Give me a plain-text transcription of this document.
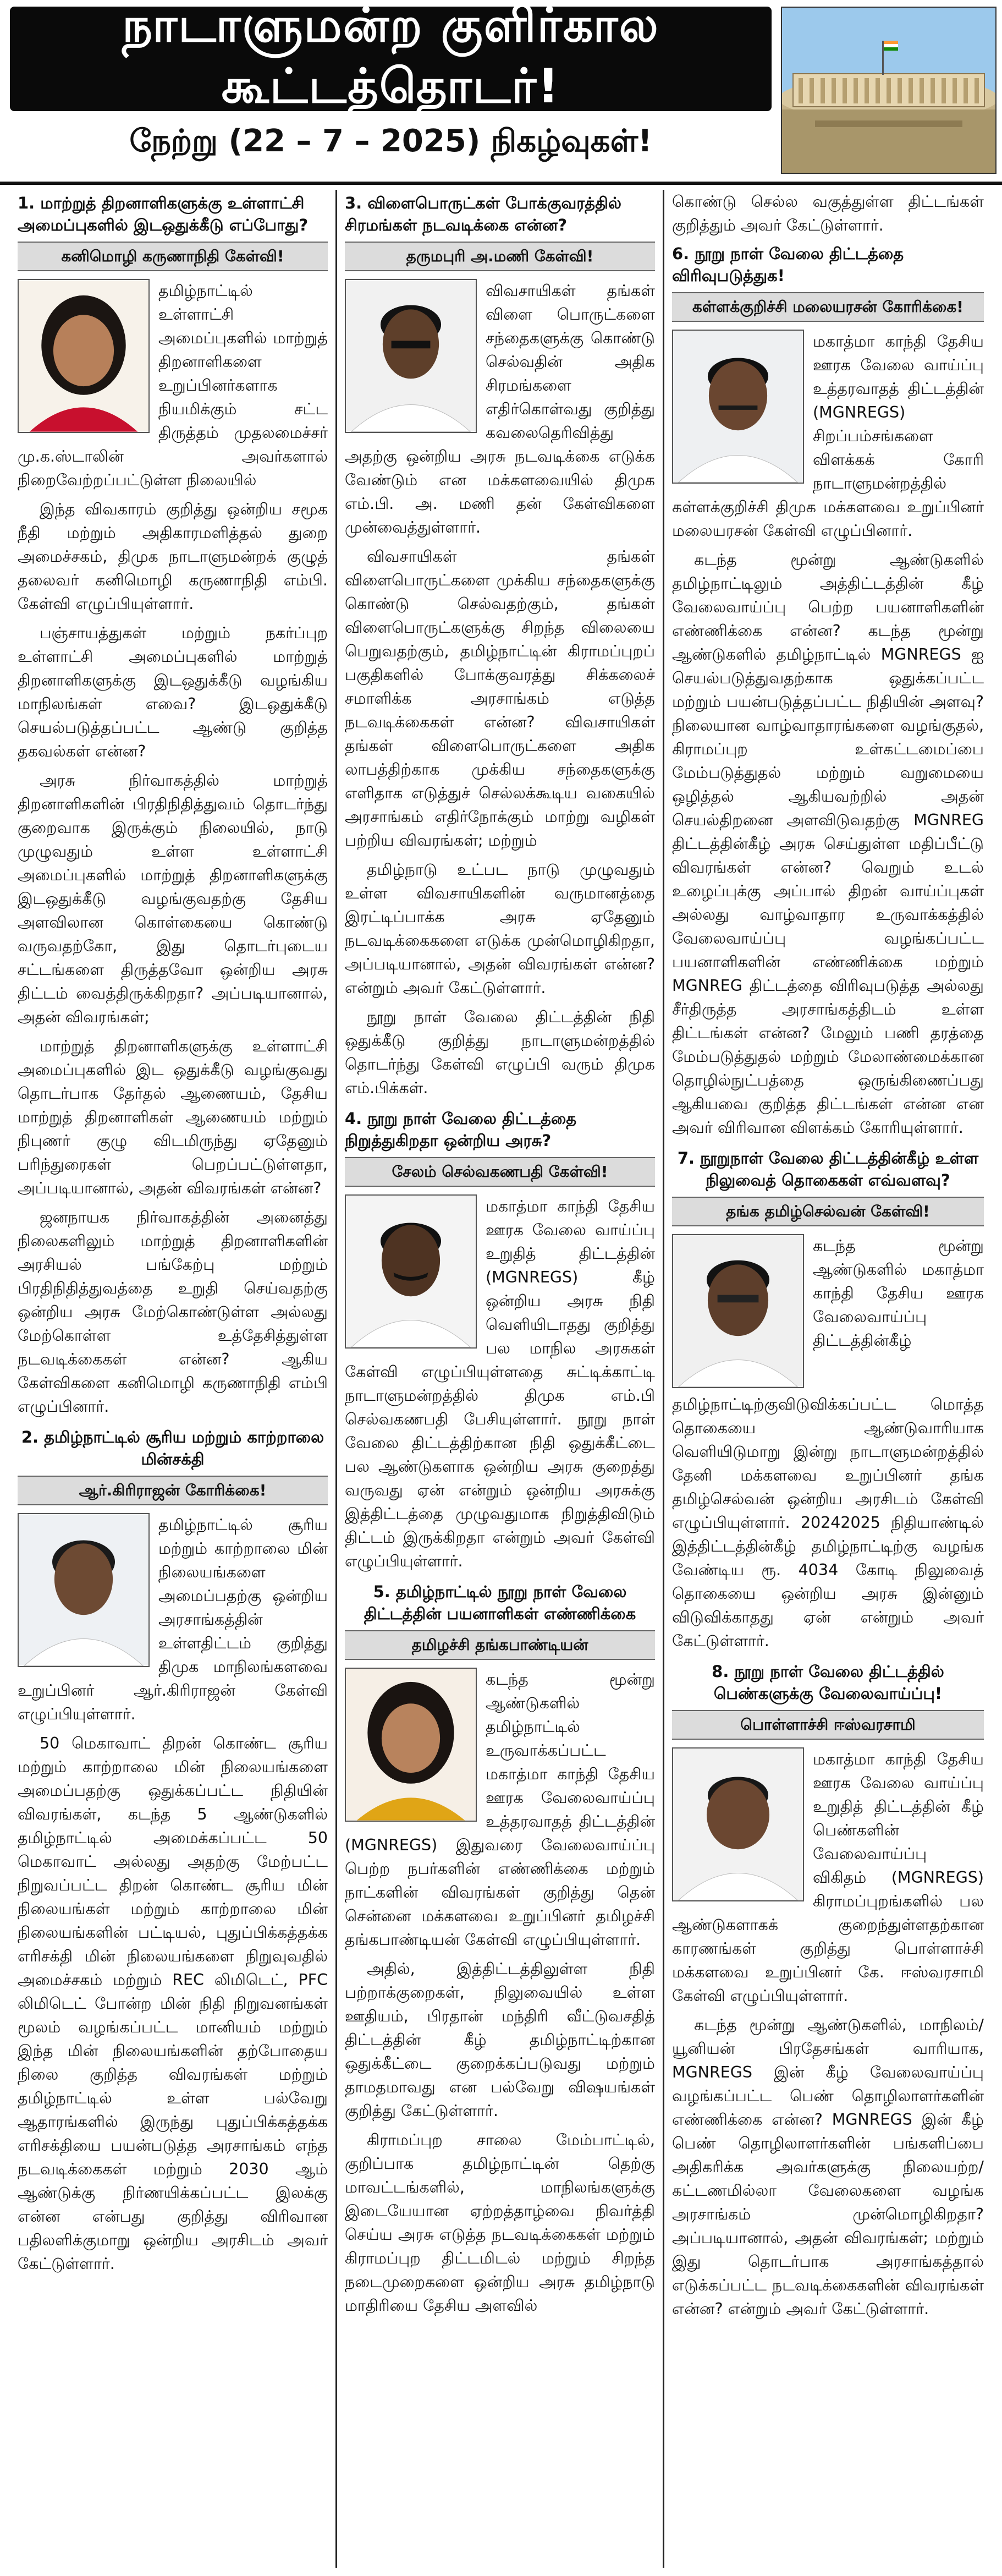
நாடாளுமன்ற குளிர்கால கூட்டத்தொடர்!
நேற்று (22 – 7 – 2025) நிகழ்வுகள்!
1. மாற்றுத் திறனாளிகளுக்கு உள்ளாட்சி அமைப்புகளில் இடஒதுக்கீடு எப்போது?
கனிமொழி கருணாநிதி கேள்வி!

தமிழ்நாட்டில் உள்ளாட்சி அமைப்புகளில் மாற்றுத் திறனாளிகளை உறுப்பினர்களாக நியமிக்கும் சட்ட திருத்தம் முதலமைச்சர் மு.க.ஸ்டாலின் அவர்களால் நிறைவேற்றப்பட்டுள்ள நிலையில்

இந்த விவகாரம் குறித்து ஒன்றிய சமூக நீதி மற்றும் அதிகாரமளித்தல் துறை அமைச்சகம், திமுக நாடாளுமன்றக் குழுத் தலைவர் கனிமொழி கருணாநிதி எம்பி. கேள்வி எழுப்பியுள்ளார்.

பஞ்சாயத்துகள் மற்றும் நகர்ப்புற உள்ளாட்சி அமைப்புகளில் மாற்றுத் திறனாளிகளுக்கு இடஒதுக்கீடு வழங்கிய மாநிலங்கள் எவை? இடஒதுக்கீடு செயல்படுத்தப்பட்ட ஆண்டு குறித்த தகவல்கள் என்ன?

அரசு நிர்வாகத்தில் மாற்றுத் திறனாளிகளின் பிரதிநிதித்துவம் தொடர்ந்து குறைவாக இருக்கும் நிலையில், நாடு முழுவதும் உள்ள உள்ளாட்சி அமைப்புகளில் மாற்றுத் திறனாளிகளுக்கு இடஒதுக்கீடு வழங்குவதற்கு தேசிய அளவிலான கொள்கையை கொண்டு வருவதற்கோ, இது தொடர்புடைய சட்டங்களை திருத்தவோ ஒன்றிய அரசு திட்டம் வைத்திருக்கிறதா? அப்படியானால், அதன் விவரங்கள்;

மாற்றுத் திறனாளிகளுக்கு உள்ளாட்சி அமைப்புகளில் இட ஒதுக்கீடு வழங்குவது தொடர்பாக தேர்தல் ஆணையம், தேசிய மாற்றுத் திறனாளிகள் ஆணையம் மற்றும் நிபுணர் குழு விடமிருந்து ஏதேனும் பரிந்துரைகள் பெறப்பட்டுள்ளதா, அப்படியானால், அதன் விவரங்கள் என்ன?

ஜனநாயக நிர்வாகத்தின் அனைத்து நிலைகளிலும் மாற்றுத் திறனாளிகளின் அரசியல் பங்கேற்பு மற்றும் பிரதிநிதித்துவத்தை உறுதி செய்வதற்கு ஒன்றிய அரசு மேற்கொண்டுள்ள அல்லது மேற்கொள்ள உத்தேசித்துள்ள நடவடிக்கைகள் என்ன? ஆகிய கேள்விகளை கனிமொழி கருணாநிதி எம்பி எழுப்பினார்.

2. தமிழ்நாட்டில் சூரிய மற்றும் காற்றாலை மின்சக்தி
ஆர்.கிரிராஜன் கோரிக்கை!

தமிழ்நாட்டில் சூரிய மற்றும் காற்றாலை மின் நிலையங்களை அமைப்பதற்கு ஒன்றிய அரசாங்கத்தின் உள்ளதிட்டம் குறித்து திமுக மாநிலங்களவை உறுப்பினர் ஆர்.கிரிராஜன் கேள்வி எழுப்பியுள்ளார்.

50 மெகாவாட் திறன் கொண்ட சூரிய மற்றும் காற்றாலை மின் நிலையங்களை அமைப்பதற்கு ஒதுக்கப்பட்ட நிதியின் விவரங்கள், கடந்த 5 ஆண்டுகளில் தமிழ்நாட்டில் அமைக்கப்பட்ட 50 மெகாவாட் அல்லது அதற்கு மேற்பட்ட நிறுவப்பட்ட திறன் கொண்ட சூரிய மின் நிலையங்கள் மற்றும் காற்றாலை மின் நிலையங்களின் பட்டியல், புதுப்பிக்கத்தக்க எரிசக்தி மின் நிலையங்களை நிறுவுவதில் அமைச்சகம் மற்றும் REC லிமிடெட், PFC லிமிடெட் போன்ற மின் நிதி நிறுவனங்கள் மூலம் வழங்கப்பட்ட மானியம் மற்றும் இந்த மின் நிலையங்களின் தற்போதைய நிலை குறித்த விவரங்கள் மற்றும் தமிழ்நாட்டில் உள்ள பல்வேறு ஆதாரங்களில் இருந்து புதுப்பிக்கத்தக்க எரிசக்தியை பயன்படுத்த அரசாங்கம் எந்த நடவடிக்கைகள் மற்றும் 2030 ஆம் ஆண்டுக்கு நிர்ணயிக்கப்பட்ட இலக்கு என்ன என்பது குறித்து விரிவான பதிலளிக்குமாறு ஒன்றிய அரசிடம் அவர் கேட்டுள்ளார்.

3. விளைபொருட்கள் போக்குவரத்தில் சிரமங்கள் நடவடிக்கை என்ன?
தருமபுரி அ.மணி கேள்வி!

விவசாயிகள் தங்கள் விளை பொருட்களை சந்தைகளுக்கு கொண்டு செல்வதின் அதிக சிரமங்களை எதிர்கொள்வது குறித்து கவலைதெரிவித்து அதற்கு ஒன்றிய அரசு நடவடிக்கை எடுக்க வேண்டும் என மக்களவையில் திமுக எம்.பி. அ. மணி தன் கேள்விகளை முன்வைத்துள்ளார்.

விவசாயிகள் தங்கள் விளைபொருட்களை முக்கிய சந்தைகளுக்கு கொண்டு செல்வதற்கும், தங்கள் விளைபொருட்களுக்கு சிறந்த விலையை பெறுவதற்கும், தமிழ்நாட்டின் கிராமப்புறப் பகுதிகளில் போக்குவரத்து சிக்கலைச் சமாளிக்க அரசாங்கம் எடுத்த நடவடிக்கைகள் என்ன? விவசாயிகள் தங்கள் விளைபொருட்களை அதிக லாபத்திற்காக முக்கிய சந்தைகளுக்கு எளிதாக எடுத்துச் செல்லக்கூடிய வகையில் அரசாங்கம் எதிர்நோக்கும் மாற்று வழிகள் பற்றிய விவரங்கள்; மற்றும்

தமிழ்நாடு உட்பட நாடு முழுவதும் உள்ள விவசாயிகளின் வருமானத்தை இரட்டிப்பாக்க அரசு ஏதேனும் நடவடிக்கைகளை எடுக்க முன்மொழிகிறதா, அப்படியானால், அதன் விவரங்கள் என்ன? என்றும் அவர் கேட்டுள்ளார்.

நூறு நாள் வேலை திட்டத்தின் நிதி ஒதுக்கீடு குறித்து நாடாளுமன்றத்தில் தொடர்ந்து கேள்வி எழுப்பி வரும் திமுக எம்.பிக்கள்.

4. நூறு நாள் வேலை திட்டத்தை நிறுத்துகிறதா ஒன்றிய அரசு?
சேலம் செல்வகணபதி கேள்வி!

மகாத்மா காந்தி தேசிய ஊரக வேலை வாய்ப்பு உறுதித் திட்டத்தின் (MGNREGS) கீழ் ஒன்றிய அரசு நிதி வெளியிடாதது குறித்து பல மாநில அரசுகள் கேள்வி எழுப்பியுள்ளதை சுட்டிக்காட்டி நாடாளுமன்றத்தில் திமுக எம்.பி செல்வகணபதி பேசியுள்ளார். நூறு நாள் வேலை திட்டத்திற்கான நிதி ஒதுக்கீட்டை பல ஆண்டுகளாக ஒன்றிய அரசு குறைத்து வருவது ஏன் என்றும் ஒன்றிய அரசுக்கு இத்திட்டத்தை முழுவதுமாக நிறுத்திவிடும் திட்டம் இருக்கிறதா என்றும் அவர் கேள்வி எழுப்பியுள்ளார்.

5. தமிழ்நாட்டில் நூறு நாள் வேலை திட்டத்தின் பயனாளிகள் எண்ணிக்கை
தமிழச்சி தங்கபாண்டியன்

கடந்த மூன்று ஆண்டுகளில் தமிழ்நாட்டில் உருவாக்கப்பட்ட மகாத்மா காந்தி தேசிய ஊரக வேலைவாய்ப்பு உத்தரவாதத் திட்டத்தின் (MGNREGS) இதுவரை வேலைவாய்ப்பு பெற்ற நபர்களின் எண்ணிக்கை மற்றும் நாட்களின் விவரங்கள் குறித்து தென் சென்னை மக்களவை உறுப்பினர் தமிழச்சி தங்கபாண்டியன் கேள்வி எழுப்பியுள்ளார்.

அதில், இத்திட்டத்திலுள்ள நிதி பற்றாக்குறைகள், நிலுவையில் உள்ள ஊதியம், பிரதான் மந்திரி வீட்டுவசதித் திட்டத்தின் கீழ் தமிழ்நாட்டிற்கான ஒதுக்கீட்டை குறைக்கப்படுவது மற்றும் தாமதமாவது என பல்வேறு விஷயங்கள் குறித்து கேட்டுள்ளார்.

கிராமப்புற சாலை மேம்பாட்டில், குறிப்பாக தமிழ்நாட்டின் தெற்கு மாவட்டங்களில், மாநிலங்களுக்கு இடையேயான ஏற்றத்தாழ்வை நிவர்த்தி செய்ய அரசு எடுத்த நடவடிக்கைகள் மற்றும் கிராமப்புற திட்டமிடல் மற்றும் சிறந்த நடைமுறைகளை ஒன்றிய அரசு தமிழ்நாடு மாதிரியை தேசிய அளவில்

கொண்டு செல்ல வகுத்துள்ள திட்டங்கள் குறித்தும் அவர் கேட்டுள்ளார்.

6. நூறு நாள் வேலை திட்டத்தை விரிவுபடுத்துக!
கள்ளக்குறிச்சி மலையரசன் கோரிக்கை!

மகாத்மா காந்தி தேசிய ஊரக வேலை வாய்ப்பு உத்தரவாதத் திட்டத்தின் (MGNREGS) சிறப்பம்சங்களை விளக்கக் கோரி நாடாளுமன்றத்தில் கள்ளக்குறிச்சி திமுக மக்களவை உறுப்பினர் மலையரசன் கேள்வி எழுப்பினார்.

கடந்த மூன்று ஆண்டுகளில் தமிழ்நாட்டிலும் அத்திட்டத்தின் கீழ் வேலைவாய்ப்பு பெற்ற பயனாளிகளின் எண்ணிக்கை என்ன? கடந்த மூன்று ஆண்டுகளில் தமிழ்நாட்டில் MGNREGS ஐ செயல்படுத்துவதற்காக ஒதுக்கப்பட்ட மற்றும் பயன்படுத்தப்பட்ட நிதியின் அளவு? நிலையான வாழ்வாதாரங்களை வழங்குதல், கிராமப்புற உள்கட்டமைப்பை மேம்படுத்துதல் மற்றும் வறுமையை ஒழித்தல் ஆகியவற்றில் அதன் செயல்திறனை அளவிடுவதற்கு MGNREG திட்டத்தின்கீழ் அரசு செய்துள்ள மதிப்பீட்டு விவரங்கள் என்ன? வெறும் உடல் உழைப்புக்கு அப்பால் திறன் வாய்ப்புகள் அல்லது வாழ்வாதார உருவாக்கத்தில் வேலைவாய்ப்பு வழங்கப்பட்ட பயனாளிகளின் எண்ணிக்கை மற்றும் MGNREG திட்டத்தை விரிவுபடுத்த அல்லது சீர்திருத்த அரசாங்கத்திடம் உள்ள திட்டங்கள் என்ன? மேலும் பணி தரத்தை மேம்படுத்துதல் மற்றும் மேலாண்மைக்கான தொழில்நுட்பத்தை ஒருங்கிணைப்பது ஆகியவை குறித்த திட்டங்கள் என்ன என அவர் விரிவான விளக்கம் கோரியுள்ளார்.

7. நூறுநாள் வேலை திட்டத்தின்கீழ் உள்ள நிலுவைத் தொகைகள் எவ்வளவு?
தங்க தமிழ்செல்வன் கேள்வி!

கடந்த மூன்று ஆண்டுகளில் மகாத்மா காந்தி தேசிய ஊரக வேலைவாய்ப்பு திட்டத்தின்கீழ் தமிழ்நாட்டிற்குவிடுவிக்கப்பட்ட மொத்த தொகையை ஆண்டுவாரியாக வெளியிடுமாறு இன்று நாடாளுமன்றத்தில் தேனி மக்களவை உறுப்பினர் தங்க தமிழ்செல்வன் ஒன்றிய அரசிடம் கேள்வி எழுப்பியுள்ளார். 20242025 நிதியாண்டில் இத்திட்டத்தின்கீழ் தமிழ்நாட்டிற்கு வழங்க வேண்டிய ரூ. 4034 கோடி நிலுவைத் தொகையை ஒன்றிய அரசு இன்னும் விடுவிக்காதது ஏன் என்றும் அவர் கேட்டுள்ளார்.

8. நூறு நாள் வேலை திட்டத்தில் பெண்களுக்கு வேலைவாய்ப்பு!
பொள்ளாச்சி ஈஸ்வரசாமி

மகாத்மா காந்தி தேசிய ஊரக வேலை வாய்ப்பு உறுதித் திட்டத்தின் கீழ் பெண்களின் வேலைவாய்ப்பு விகிதம் (MGNREGS) கிராமப்புறங்களில் பல ஆண்டுகளாகக் குறைந்துள்ளதற்கான காரணங்கள் குறித்து பொள்ளாச்சி மக்களவை உறுப்பினர் கே. ஈஸ்வரசாமி கேள்வி எழுப்பியுள்ளார்.

கடந்த மூன்று ஆண்டுகளில், மாநிலம்/யூனியன் பிரதேசங்கள் வாரியாக, MGNREGS இன் கீழ் வேலைவாய்ப்பு வழங்கப்பட்ட பெண் தொழிலாளர்களின் எண்ணிக்கை என்ன? MGNREGS இன் கீழ் பெண் தொழிலாளர்களின் பங்களிப்பை அதிகரிக்க அவர்களுக்கு நிலையற்ற/கட்டணமில்லா வேலைகளை வழங்க அரசாங்கம் முன்மொழிகிறதா? அப்படியானால், அதன் விவரங்கள்; மற்றும் இது தொடர்பாக அரசாங்கத்தால் எடுக்கப்பட்ட நடவடிக்கைகளின் விவரங்கள் என்ன? என்றும் அவர் கேட்டுள்ளார்.
